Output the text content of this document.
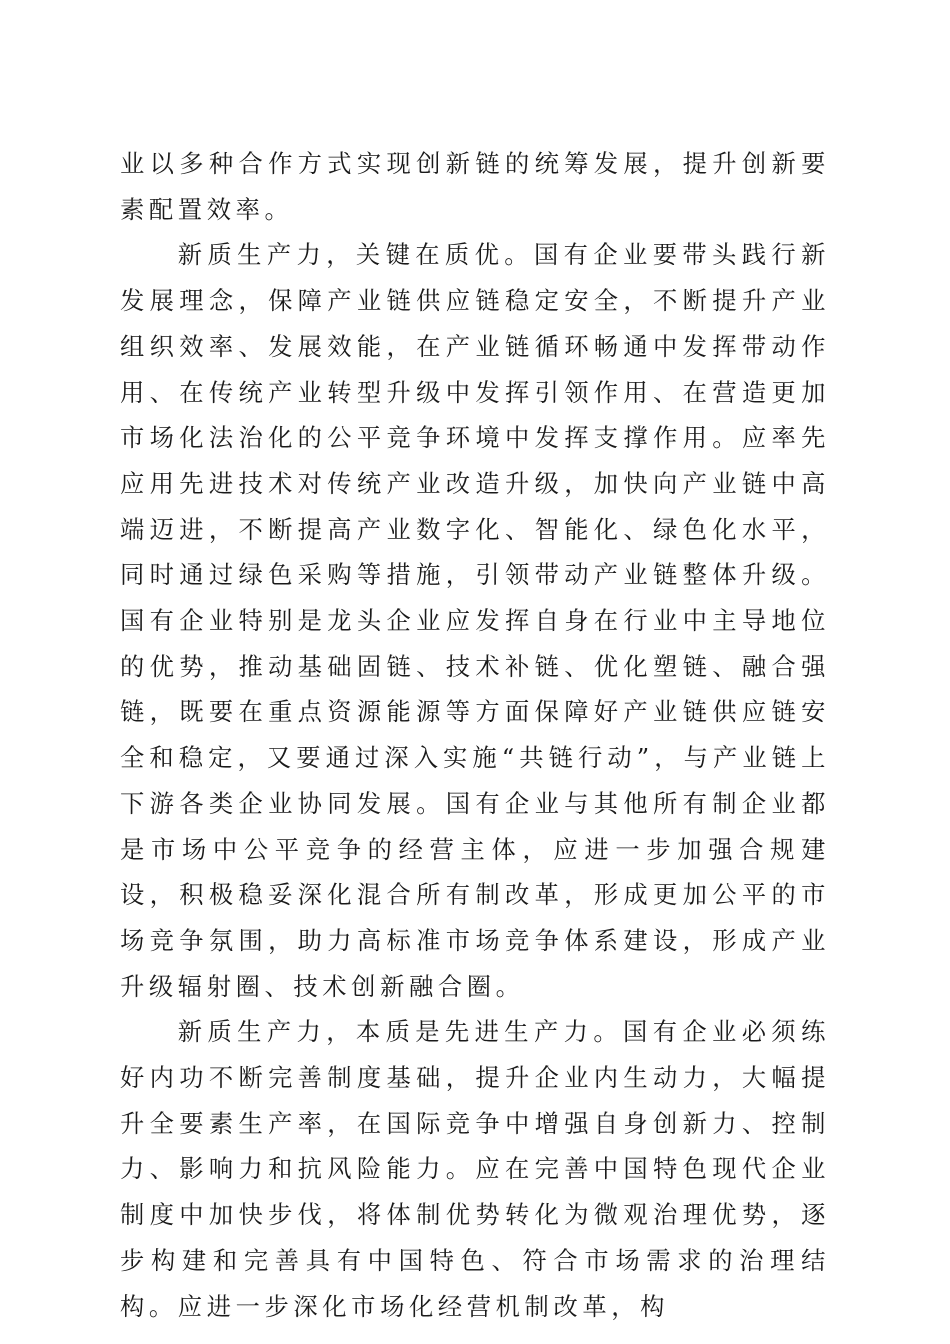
业以多种合作方式实现创新链的统筹发展，提升创新要素配置效率。

新质生产力，关键在质优。国有企业要带头践行新发展理念，保障产业链供应链稳定安全，不断提升产业组织效率、发展效能，在产业链循环畅通中发挥带动作用、在传统产业转型升级中发挥引领作用、在营造更加市场化法治化的公平竞争环境中发挥支撑作用。应率先应用先进技术对传统产业改造升级，加快向产业链中高端迈进，不断提高产业数字化、智能化、绿色化水平，同时通过绿色采购等措施，引领带动产业链整体升级。国有企业特别是龙头企业应发挥自身在行业中主导地位的优势，推动基础固链、技术补链、优化塑链、融合强链，既要在重点资源能源等方面保障好产业链供应链安全和稳定，又要通过深入实施“共链行动”，与产业链上下游各类企业协同发展。国有企业与其他所有制企业都是市场中公平竞争的经营主体，应进一步加强合规建设，积极稳妥深化混合所有制改革，形成更加公平的市场竞争氛围，助力高标准市场竞争体系建设，形成产业升级辐射圈、技术创新融合圈。

新质生产力，本质是先进生产力。国有企业必须练好内功不断完善制度基础，提升企业内生动力，大幅提升全要素生产率，在国际竞争中增强自身创新力、控制力、影响力和抗风险能力。应在完善中国特色现代企业制度中加快步伐，将体制优势转化为微观治理优势，逐步构建和完善具有中国特色、符合市场需求的治理结构。应进一步深化市场化经营机制改革，构
